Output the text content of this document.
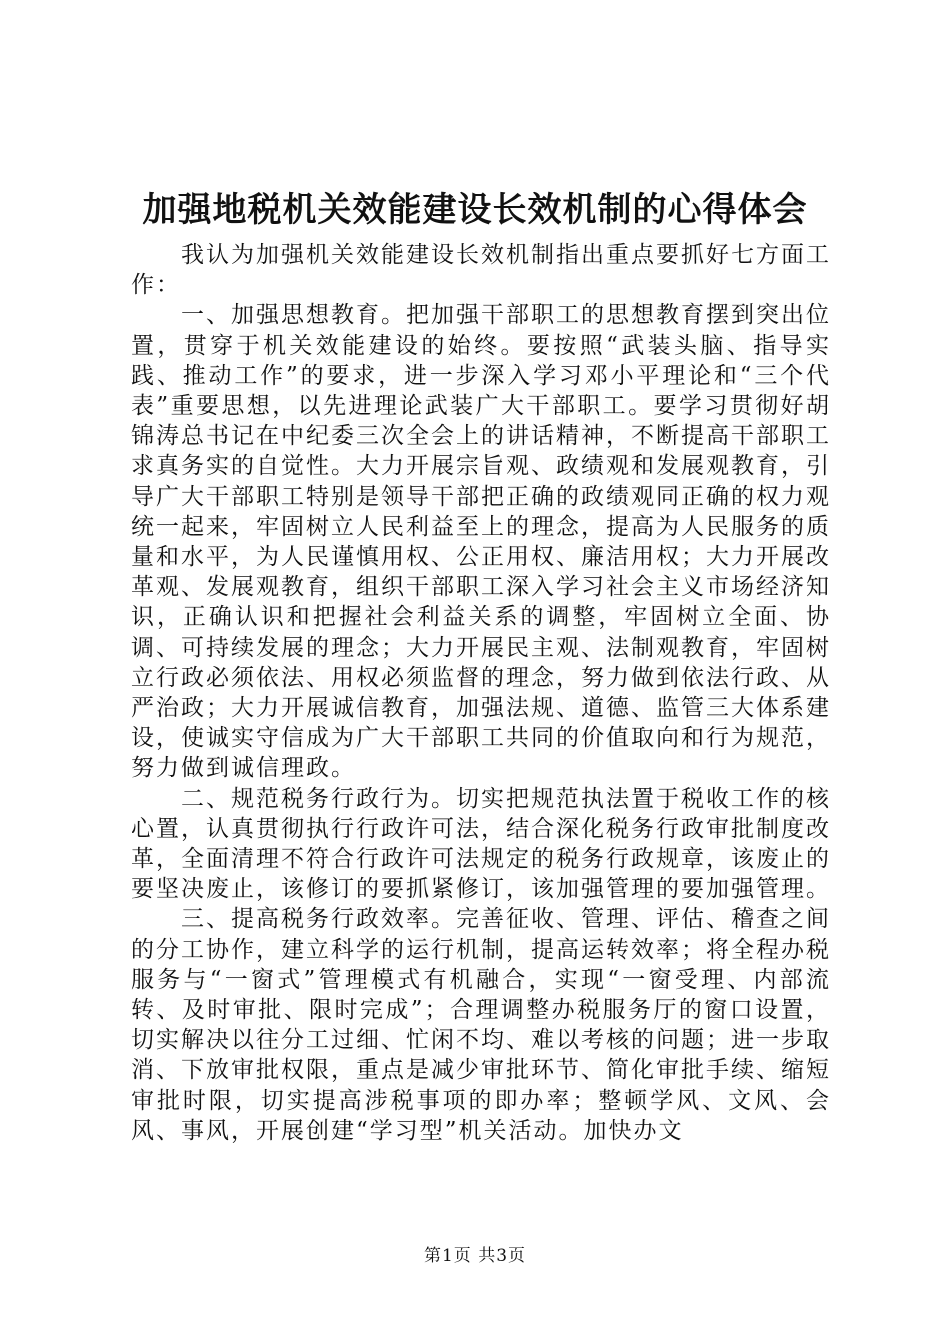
加强地税机关效能建设长效机制的心得体会

我认为加强机关效能建设长效机制指出重点要抓好七方面工作：

一、加强思想教育。把加强干部职工的思想教育摆到突出位置，贯穿于机关效能建设的始终。要按照“武装头脑、指导实践、推动工作”的要求，进一步深入学习邓小平理论和“三个代表”重要思想，以先进理论武装广大干部职工。要学习贯彻好胡锦涛总书记在中纪委三次全会上的讲话精神，不断提高干部职工求真务实的自觉性。大力开展宗旨观、政绩观和发展观教育，引导广大干部职工特别是领导干部把正确的政绩观同正确的权力观统一起来，牢固树立人民利益至上的理念，提高为人民服务的质量和水平，为人民谨慎用权、公正用权、廉洁用权；大力开展改革观、发展观教育，组织干部职工深入学习社会主义市场经济知识，正确认识和把握社会利益关系的调整，牢固树立全面、协调、可持续发展的理念；大力开展民主观、法制观教育，牢固树立行政必须依法、用权必须监督的理念，努力做到依法行政、从严治政；大力开展诚信教育，加强法规、道德、监管三大体系建设，使诚实守信成为广大干部职工共同的价值取向和行为规范，努力做到诚信理政。

二、规范税务行政行为。切实把规范执法置于税收工作的核心置，认真贯彻执行行政许可法，结合深化税务行政审批制度改革，全面清理不符合行政许可法规定的税务行政规章，该废止的要坚决废止，该修订的要抓紧修订，该加强管理的要加强管理。

三、提高税务行政效率。完善征收、管理、评估、稽查之间的分工协作，建立科学的运行机制，提高运转效率；将全程办税服务与“一窗式”管理模式有机融合，实现“一窗受理、内部流转、及时审批、限时完成”；合理调整办税服务厅的窗口设置，切实解决以往分工过细、忙闲不均、难以考核的问题；进一步取消、下放审批权限，重点是减少审批环节、简化审批手续、缩短审批时限，切实提高涉税事项的即办率；整顿学风、文风、会风、事风，开展创建“学习型”机关活动。加快办文

第1页 共3页
